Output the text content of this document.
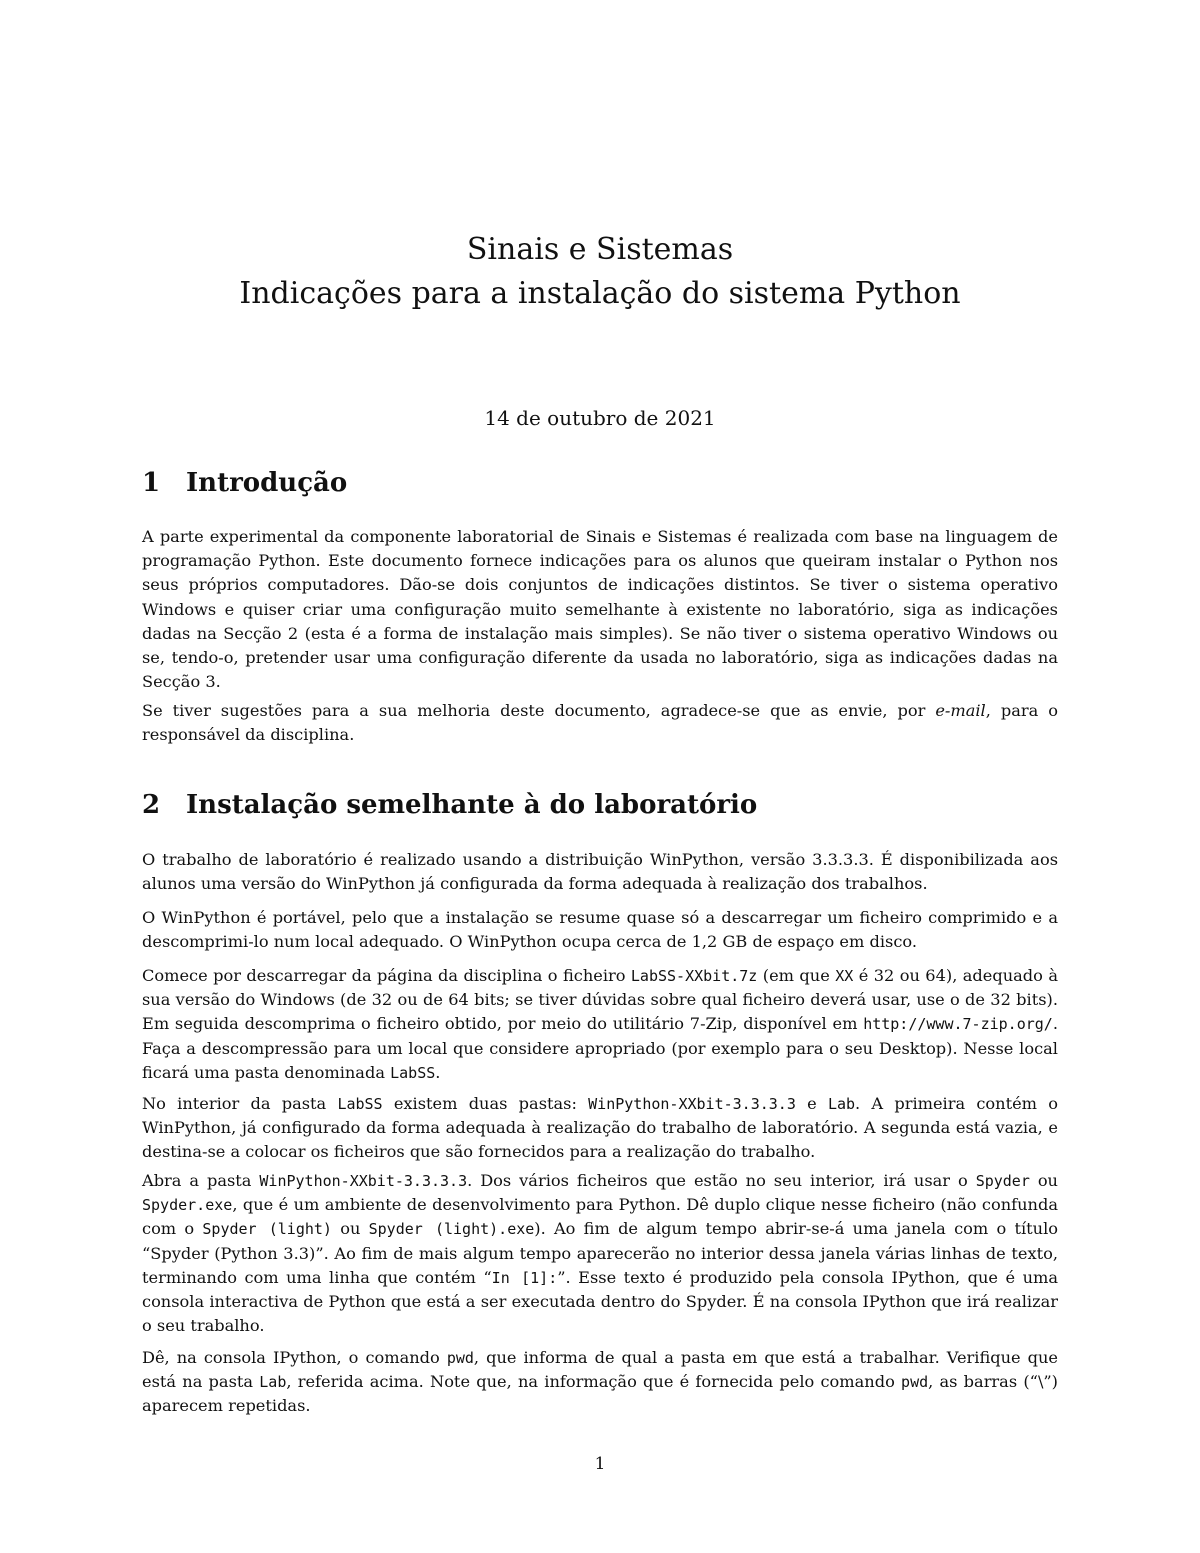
Sinais e Sistemas
Indicações para a instalação do sistema Python
14 de outubro de 2021
1 Introdução

A parte experimental da componente laboratorial de Sinais e Sistemas é realizada com base na linguagem de programação Python. Este documento fornece indicações para os alunos que queiram instalar o Python nos seus próprios computadores. Dão-se dois conjuntos de indicações distintos. Se tiver o sistema operativo Windows e quiser criar uma configuração muito semelhante à existente no laboratório, siga as indicações dadas na Secção 2 (esta é a forma de instalação mais simples). Se não tiver o sistema operativo Windows ou se, tendo-o, pretender usar uma configuração diferente da usada no laboratório, siga as indicações dadas na Secção 3.

Se tiver sugestões para a sua melhoria deste documento, agradece-se que as envie, por e-mail, para o responsável da disciplina.

2 Instalação semelhante à do laboratório

O trabalho de laboratório é realizado usando a distribuição WinPython, versão 3.3.3.3. É disponibilizada aos alunos uma versão do WinPython já configurada da forma adequada à realização dos trabalhos.

O WinPython é portável, pelo que a instalação se resume quase só a descarregar um ficheiro comprimido e a descomprimi-lo num local adequado. O WinPython ocupa cerca de 1,2 GB de espaço em disco.

Comece por descarregar da página da disciplina o ficheiro LabSS-XXbit.7z (em que XX é 32 ou 64), adequado à sua versão do Windows (de 32 ou de 64 bits; se tiver dúvidas sobre qual ficheiro deverá usar, use o de 32 bits). Em seguida descomprima o ficheiro obtido, por meio do utilitário 7-Zip, disponível em http://www.7-zip.org/. Faça a descompressão para um local que considere apropriado (por exemplo para o seu Desktop). Nesse local ficará uma pasta denominada LabSS.

No interior da pasta LabSS existem duas pastas: WinPython-XXbit-3.3.3.3 e Lab. A primeira contém o WinPython, já configurado da forma adequada à realização do trabalho de laboratório. A segunda está vazia, e destina-se a colocar os ficheiros que são fornecidos para a realização do trabalho.

Abra a pasta WinPython-XXbit-3.3.3.3. Dos vários ficheiros que estão no seu interior, irá usar o Spyder ou Spyder.exe, que é um ambiente de desenvolvimento para Python. Dê duplo clique nesse ficheiro (não confunda com o Spyder (light) ou Spyder (light).exe). Ao fim de algum tempo abrir-se-á uma janela com o título “Spyder (Python 3.3)”. Ao fim de mais algum tempo aparecerão no interior dessa janela várias linhas de texto, terminando com uma linha que contém “In [1]:”. Esse texto é produzido pela consola IPython, que é uma consola interactiva de Python que está a ser executada dentro do Spyder. É na consola IPython que irá realizar o seu trabalho.

Dê, na consola IPython, o comando pwd, que informa de qual a pasta em que está a trabalhar. Verifique que está na pasta Lab, referida acima. Note que, na informação que é fornecida pelo comando pwd, as barras (“\”) aparecem repetidas.

1
